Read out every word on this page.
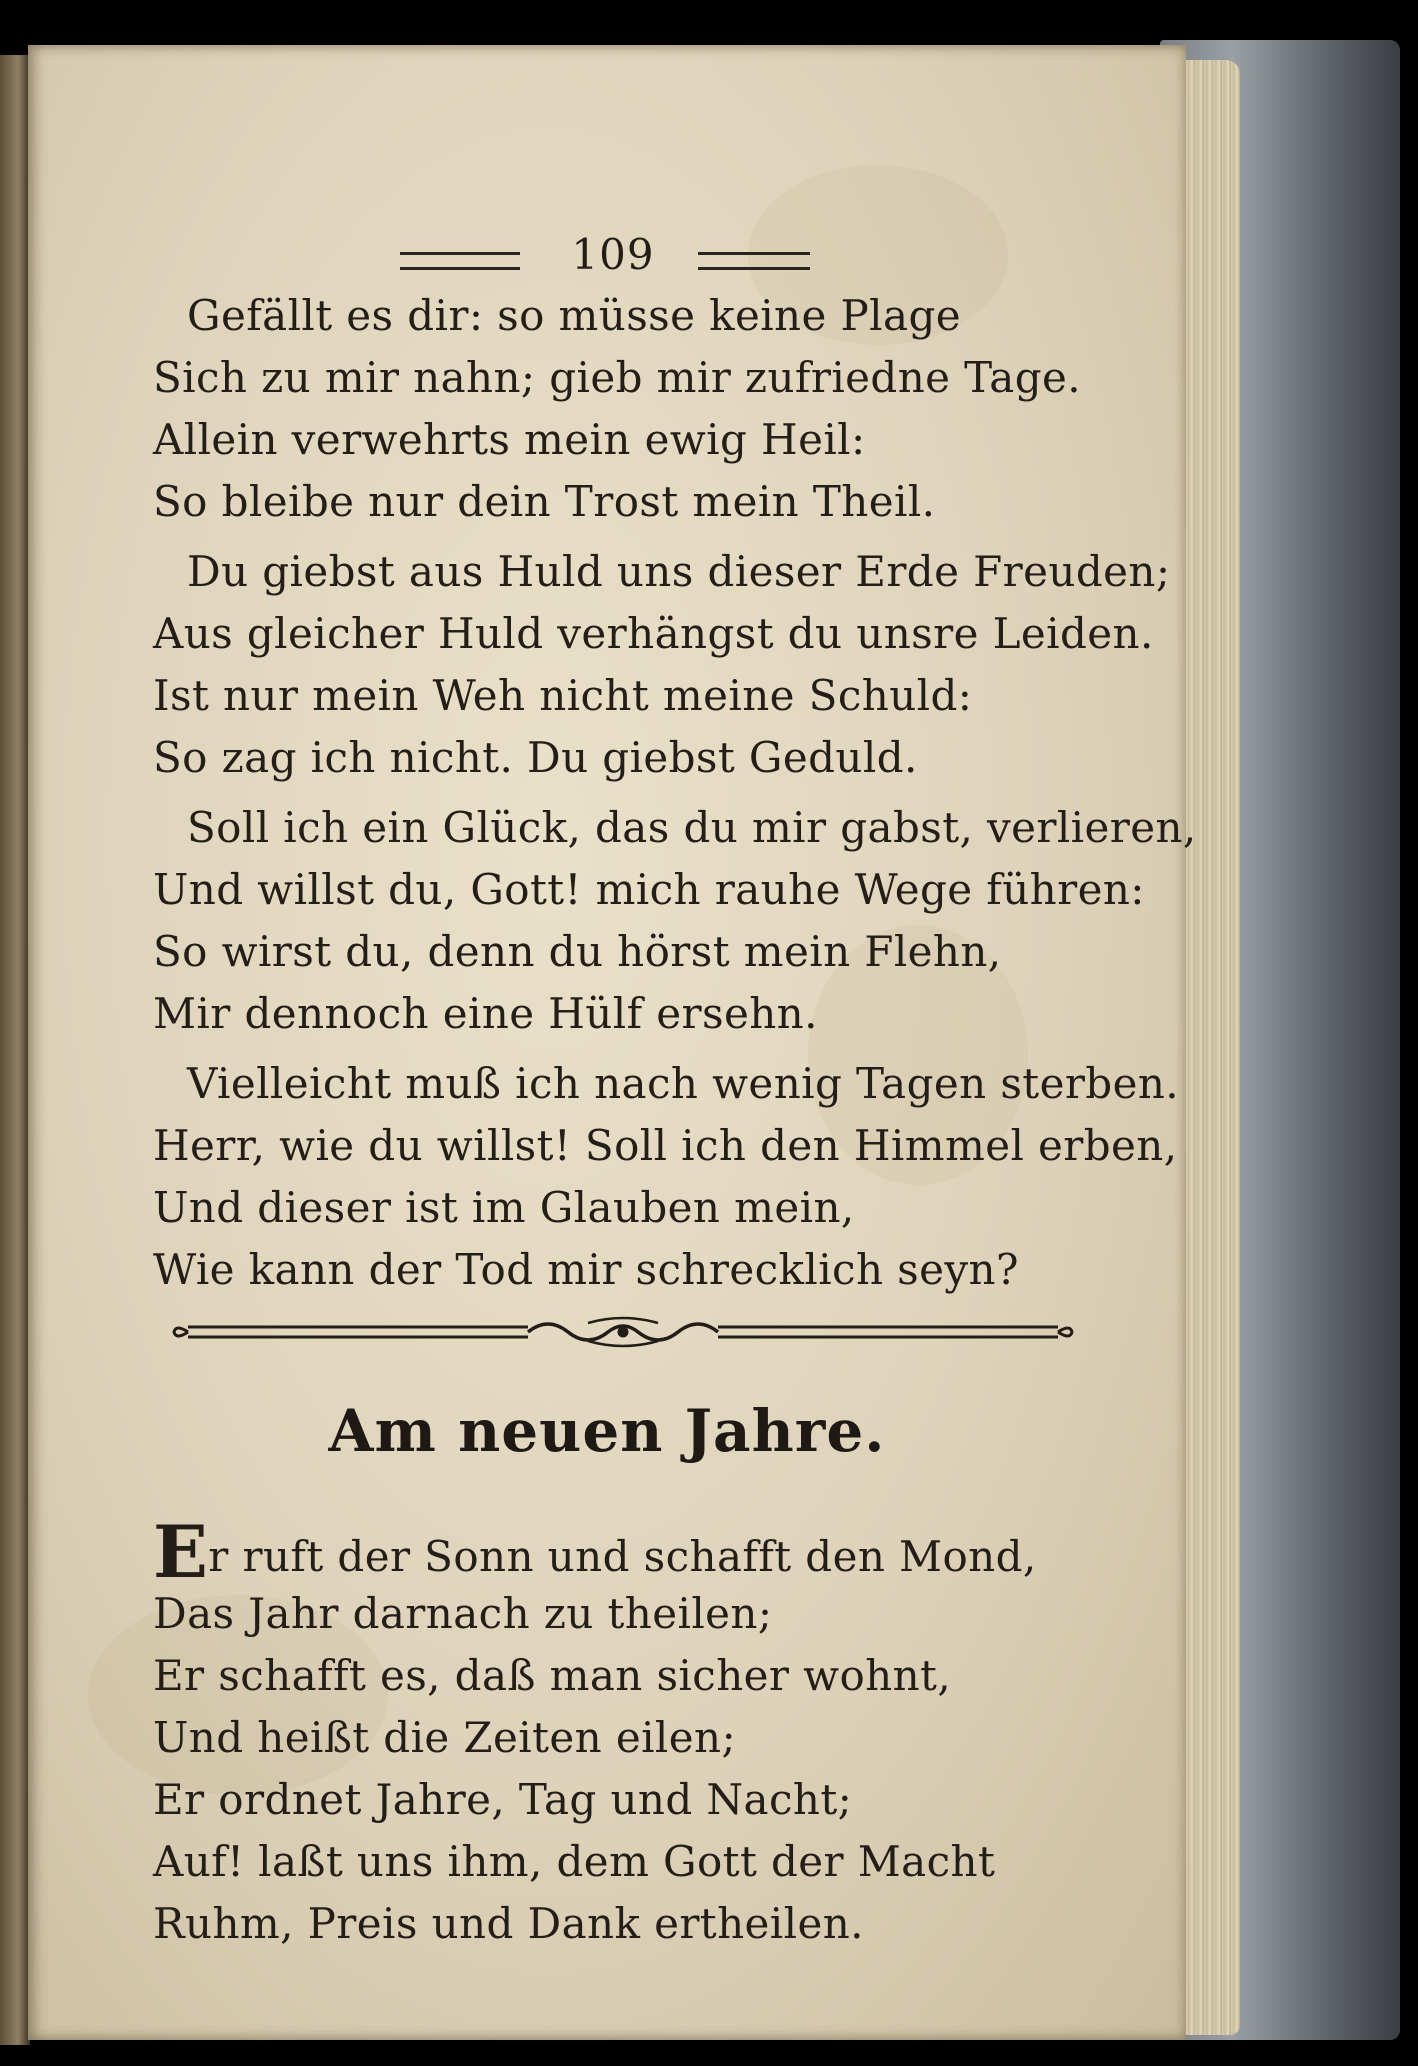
109
Gefällt es dir: so müsse keine Plage
Sich zu mir nahn; gieb mir zufriedne Tage.
Allein verwehrts mein ewig Heil:
So bleibe nur dein Trost mein Theil.
Du giebst aus Huld uns dieser Erde Freuden;
Aus gleicher Huld verhängst du unsre Leiden.
Ist nur mein Weh nicht meine Schuld:
So zag ich nicht. Du giebst Geduld.
Soll ich ein Glück, das du mir gabst, verlieren,
Und willst du, Gott! mich rauhe Wege führen:
So wirst du, denn du hörst mein Flehn,
Mir dennoch eine Hülf ersehn.
Vielleicht muß ich nach wenig Tagen sterben.
Herr, wie du willst! Soll ich den Himmel erben,
Und dieser ist im Glauben mein,
Wie kann der Tod mir schrecklich seyn?
Am neuen Jahre.
Er ruft der Sonn und schafft den Mond,
Das Jahr darnach zu theilen;
Er schafft es, daß man sicher wohnt,
Und heißt die Zeiten eilen;
Er ordnet Jahre, Tag und Nacht;
Auf! laßt uns ihm, dem Gott der Macht
Ruhm, Preis und Dank ertheilen.
